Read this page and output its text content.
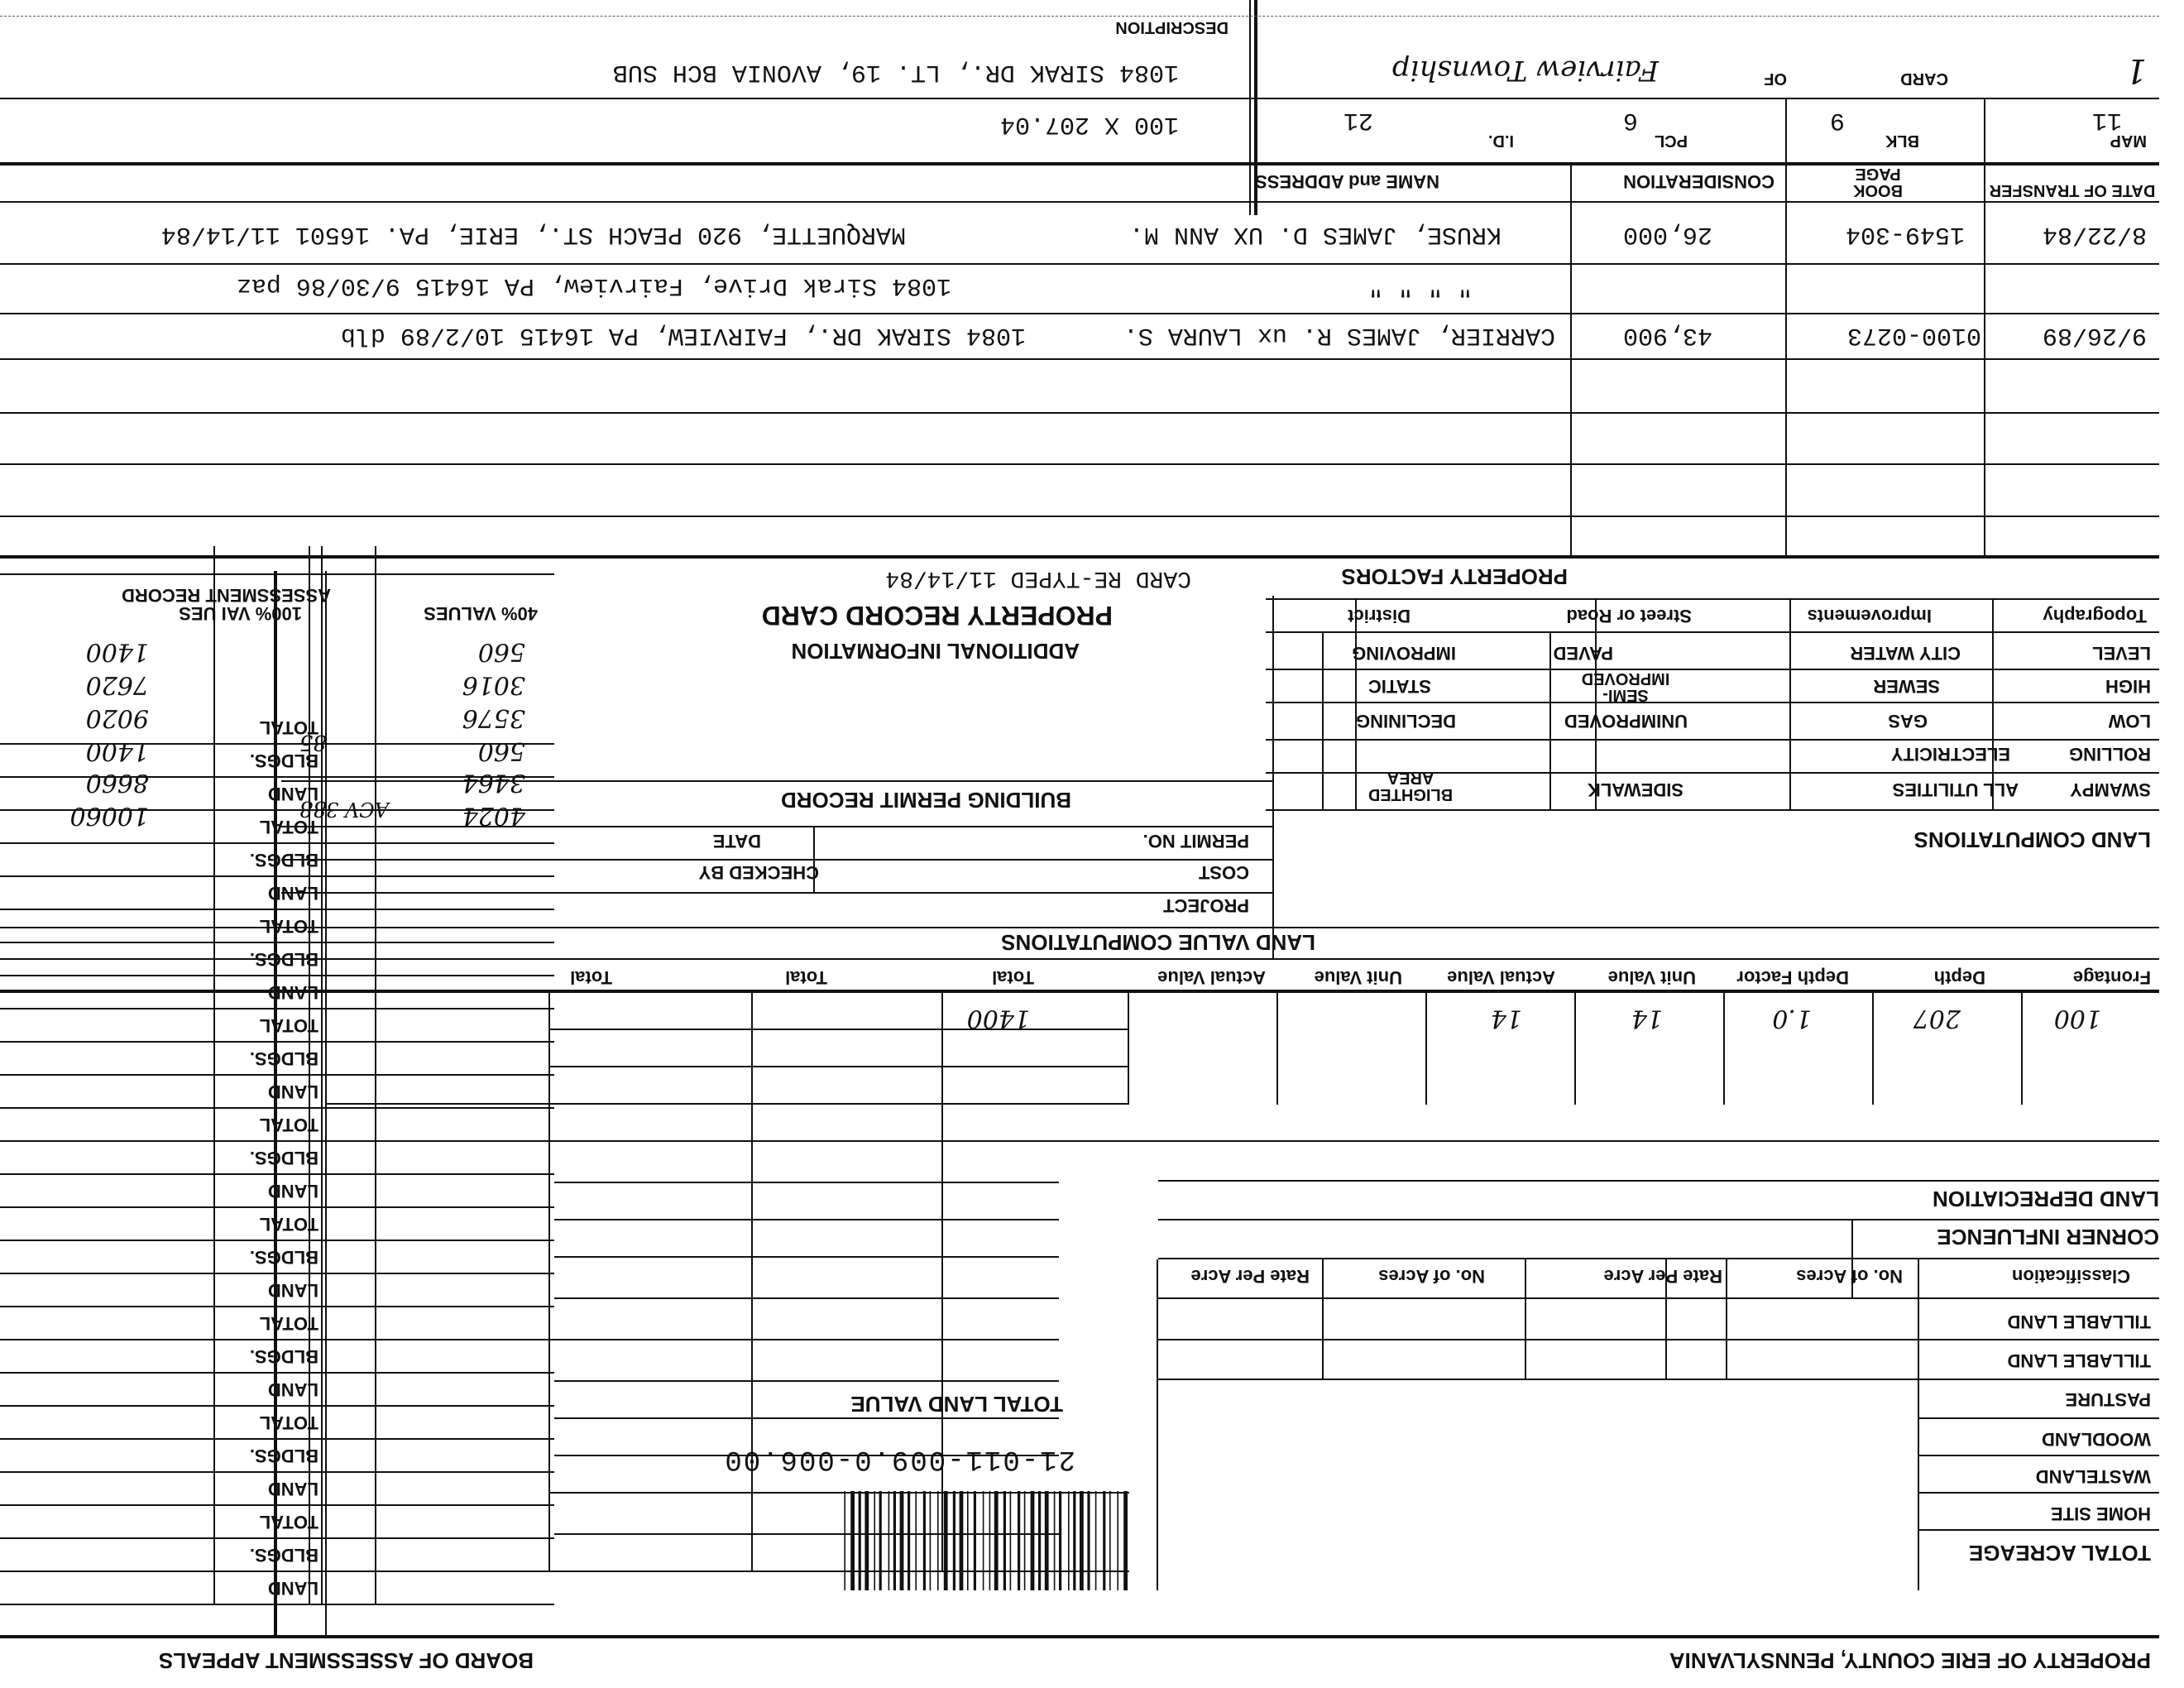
PROPERTY OF ERIE COUNTY, PENNSYLVANIA
BOARD OF ASSESSMENT APPEALS
TOTAL ACREAGE
HOME SITE
WASTELAND
WOODLAND
PASTURE
TILLABLE LAND
TILLABLE LAND
Classification
No. of Acres
Rate Per Acre
No. of Acres
Rate Per Acre
CORNER INFLUENCE
LAND DEPRECIATION
21-011-009.0-006.00
TOTAL LAND VALUE
Frontage
Depth
Depth Factor
Unit Value
Actual Value
Unit Value
Actual Value
Total
Total
Total
100
207
1.0
14
14
1400
LAND VALUE COMPUTATIONS
LAND COMPUTATIONS
PROJECT
COST
CHECKED BY
PERMIT NO.
DATE
BUILDING PERMIT RECORD
ADDITIONAL INFORMATION
PROPERTY RECORD CARD
SWAMPY
ALL UTILITIES
SIDEWALK
BLIGHTED AREA
ROLLING
ELECTRICITY
LOW
GAS
UNIMPROVED
DECLINING
HIGH
SEWER
SEMI-IMPROVED
STATIC
LEVEL
CITY WATER
PAVED
IMPROVING
Topography
Improvements
Street or Road
District
PROPERTY FACTORS
CARD RE-TYPED 11/14/84
LAND
BLDGS.
TOTAL
LAND
BLDGS.
TOTAL
LAND
BLDGS.
TOTAL
LAND
BLDGS.
TOTAL
LAND
BLDGS.
TOTAL
LAND
BLDGS.
TOTAL
LAND
BLDGS.
TOTAL
LAND
BLDGS.
TOTAL
LAND
BLDGS.
TOTAL
40% VALUES
ASSESSMENT RECORD
100% VAI UES
560
3016
3576
560
3464
4024
1400
7620
9020
1400
8660
10060
85
88 ACV 3
DATE OF TRANSFER
BOOK PAGE
CONSIDERATION
NAME and ADDRESS
8/22/84
1549-304
26,000
KRUSE, JAMES D. UX ANN M.
MARQUETTE, 920 PEACH ST., ERIE, PA. 16501 11/14/84
" " " "
1084 Sirak Drive, Fairview, PA 16415 9/30/86 paz
9/26/89
0100-0273
43,900
CARRIER, JAMES R. ux LAURA S.
1084 SIRAK DR., FAIRVIEW, PA 16415 10/2/89 dlb
MAP
11
BLK
9
PCL
6
I.D.
21
100 X 207.04
CARD
OF	1
Fairview Township
1084 SIRAK DR., LT. 19, AVONIA BCH SUB
DESCRIPTION
